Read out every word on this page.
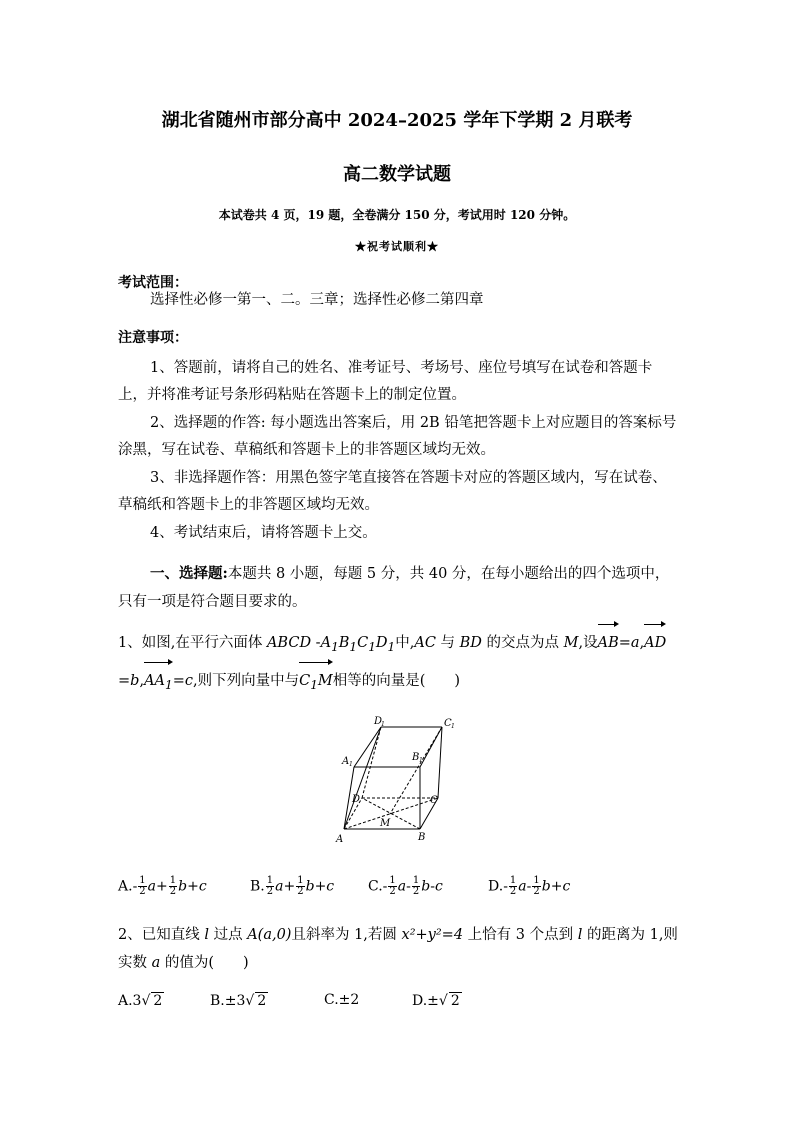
湖北省随州市部分高中 2024–2025 学年下学期 2 月联考
高二数学试题
本试卷共 4 页，19 题，全卷满分 150 分，考试用时 120 分钟。
★祝考试顺利★
考试范围：
选择性必修一第一、二。三章；选择性必修二第四章
注意事项：
1、答题前，请将自己的姓名、准考证号、考场号、座位号填写在试卷和答题卡上，并将准考证号条形码粘贴在答题卡上的制定位置。
2、选择题的作答: 每小题选出答案后，用 2B 铅笔把答题卡上对应题目的答案标号涂黑，写在试卷、草稿纸和答题卡上的非答题区域均无效。
3、非选择题作答：用黑色签字笔直接答在答题卡对应的答题区域内，写在试卷、草稿纸和答题卡上的非答题区域均无效。
4、考试结束后，请将答题卡上交。
一、选择题:本题共 8 小题，每题 5 分，共 40 分，在每小题给出的四个选项中，只有一项是符合题目要求的。
1、如图,在平行六面体 ABCD $-A_1B_1C_1D_1$中,AC 与 BD 的交点为点 M,设$AB=a,AD=b,AA_1=c$,则下列向量中与$C_1M$相等的向量是(　　)
D
1	C 1
A 1
B 1
D	C
M
A	B
$A.- \frac{1}{2} a+ \frac{1}{2} b+c$	B. $\frac{1}{2} a+ \frac{1}{2} b+c$ $C.- \frac{1}{2} a- \frac{1}{2} b-c$	$D.- \frac{1}{2} a- \frac{1}{2} b+c$
2、已知直线 l 过点 A(a,0)且斜率为 1,若圆 x²+y²=4 上恰有 3 个点到 l 的距离为 1,则实数 a 的值为(　　)
A.3√ 2	B.±3√ 2	C.±2	D.±√ 2
